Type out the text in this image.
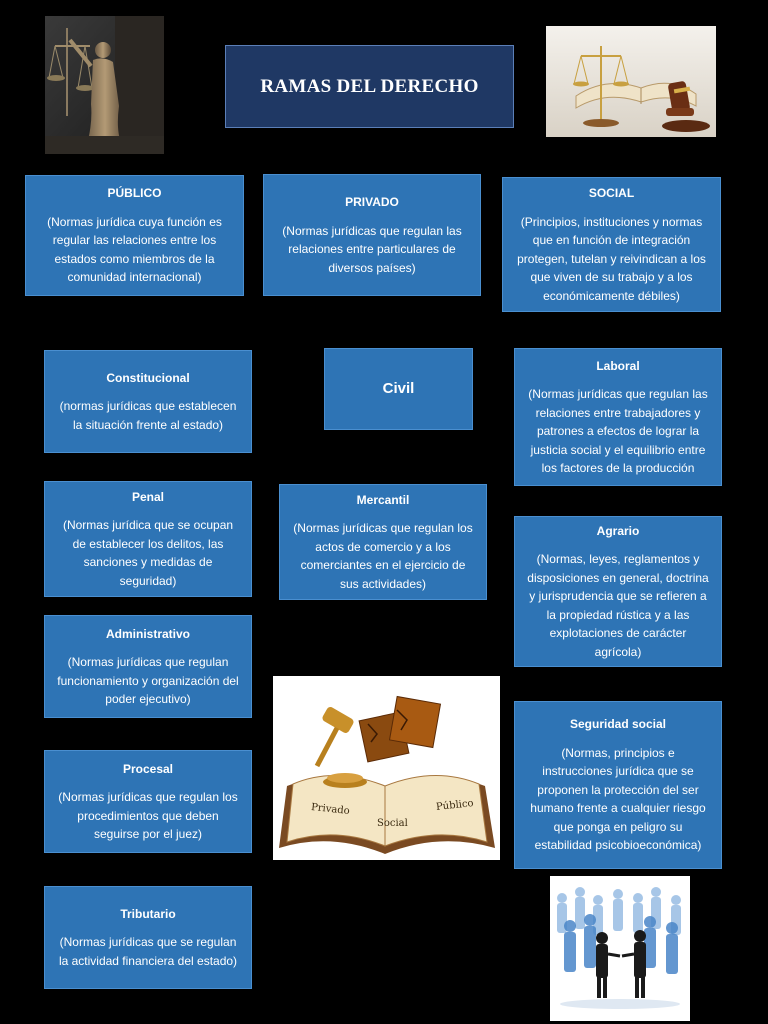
RAMAS DEL DERECHO
PÚBLICO
(Normas jurídica cuya función es regular las relaciones entre los estados como miembros de la comunidad internacional)
PRIVADO
(Normas jurídicas que regulan las relaciones entre particulares de diversos países)
SOCIAL
(Principios, instituciones y normas que en función de integración protegen, tutelan y reivindican a los que viven de su trabajo y a los económicamente débiles)
Constitucional
(normas jurídicas que establecen la situación frente al estado)
Civil
Laboral
(Normas jurídicas que regulan las relaciones entre trabajadores y patrones a efectos de lograr la justicia social y el equilibrio entre los factores de la producción
Penal
(Normas jurídica que se ocupan de establecer los delitos, las sanciones y medidas de seguridad)
Mercantil
(Normas jurídicas que regulan los actos de comercio y a los comerciantes en el ejercicio de sus actividades)
Agrario
(Normas, leyes, reglamentos y disposiciones en general, doctrina y jurisprudencia que se refieren a la propiedad rústica y a las explotaciones de carácter agrícola)
Administrativo
(Normas jurídicas que regulan funcionamiento y organización del poder ejecutivo)
Privado
Social
Público
Seguridad social
(Normas, principios e instrucciones jurídica que se proponen la protección del ser humano frente a cualquier riesgo que ponga en peligro su estabilidad psicobioeconómica)
Procesal
(Normas jurídicas que regulan los procedimientos que deben seguirse por el juez)
Tributario
(Normas jurídicas que se regulan la actividad financiera del estado)
